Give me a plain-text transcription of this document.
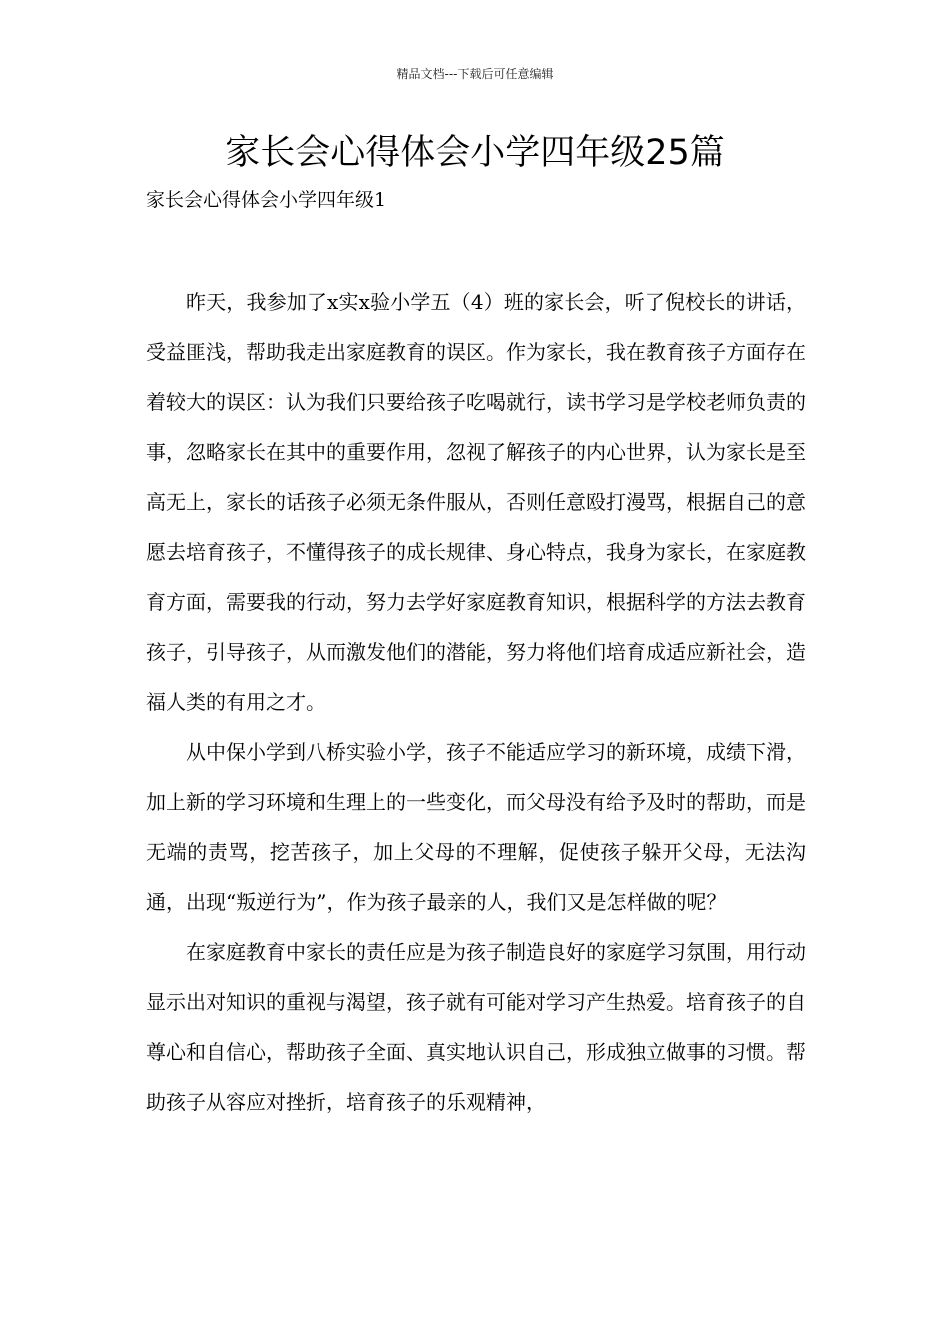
精品文档---下载后可任意编辑
家长会心得体会小学四年级25篇

家长会心得体会小学四年级1

昨天，我参加了x实x验小学五（4）班的家长会，听了倪校长的讲话，受益匪浅，帮助我走出家庭教育的误区。作为家长，我在教育孩子方面存在着较大的误区：认为我们只要给孩子吃喝就行，读书学习是学校老师负责的事，忽略家长在其中的重要作用，忽视了解孩子的内心世界，认为家长是至高无上，家长的话孩子必须无条件服从，否则任意殴打漫骂，根据自己的意愿去培育孩子，不懂得孩子的成长规律、身心特点，我身为家长，在家庭教育方面，需要我的行动，努力去学好家庭教育知识，根据科学的方法去教育孩子，引导孩子，从而激发他们的潜能，努力将他们培育成适应新社会，造福人类的有用之才。

从中保小学到八桥实验小学，孩子不能适应学习的新环境，成绩下滑，加上新的学习环境和生理上的一些变化，而父母没有给予及时的帮助，而是无端的责骂，挖苦孩子，加上父母的不理解，促使孩子躲开父母，无法沟通，出现“叛逆行为”，作为孩子最亲的人，我们又是怎样做的呢？

在家庭教育中家长的责任应是为孩子制造良好的家庭学习氛围，用行动显示出对知识的重视与渴望，孩子就有可能对学习产生热爱。培育孩子的自尊心和自信心，帮助孩子全面、真实地认识自己，形成独立做事的习惯。帮助孩子从容应对挫折，培育孩子的乐观精神，
